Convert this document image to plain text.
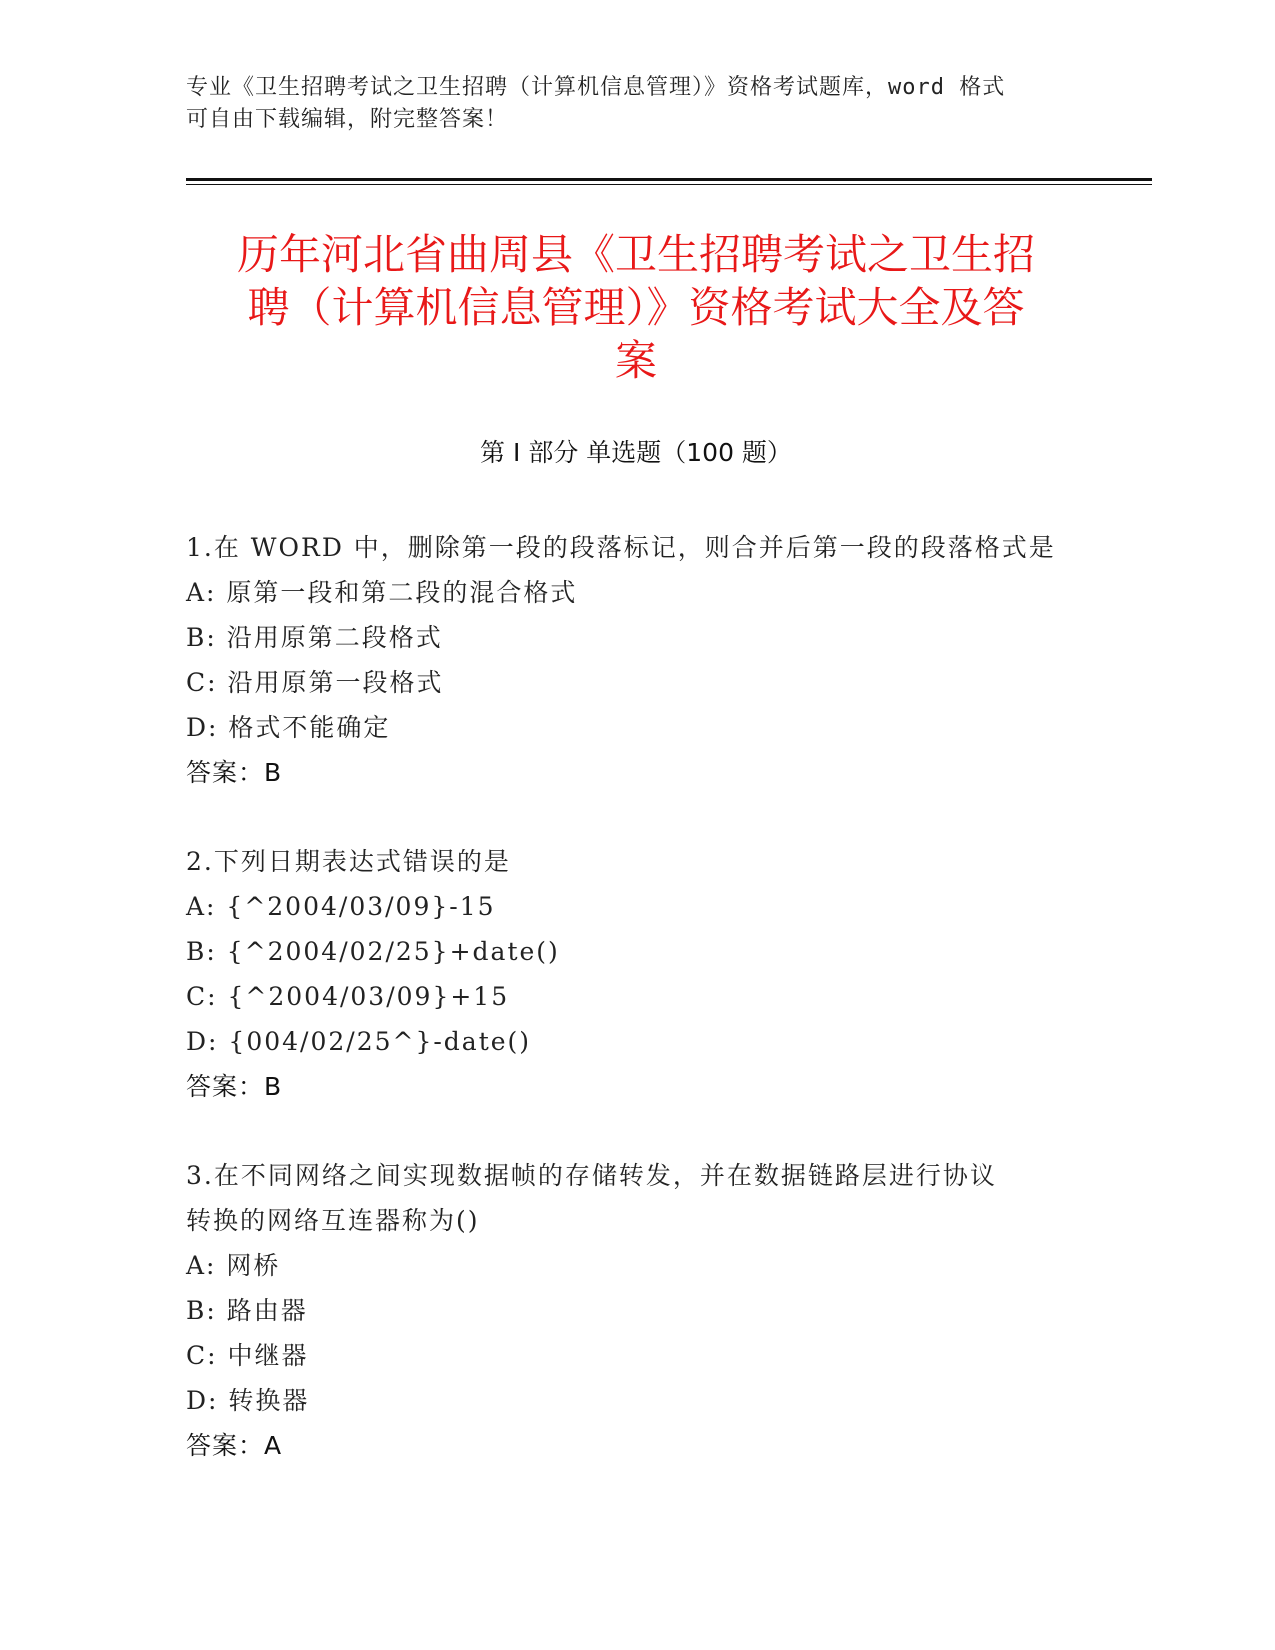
专业《卫生招聘考试之卫生招聘（计算机信息管理）》资格考试题库，word 格式
可自由下载编辑，附完整答案！
历年河北省曲周县《卫生招聘考试之卫生招
聘（计算机信息管理）》资格考试大全及答
案
第 I 部分 单选题（100 题）
1.在 WORD 中，删除第一段的段落标记，则合并后第一段的段落格式是
A: 原第一段和第二段的混合格式
B: 沿用原第二段格式
C: 沿用原第一段格式
D: 格式不能确定
答案：B
2.下列日期表达式错误的是
A: {^2004/03/09}-15
B: {^2004/02/25}+date()
C: {^2004/03/09}+15
D: {004/02/25^}-date()
答案：B
3.在不同网络之间实现数据帧的存储转发，并在数据链路层进行协议
转换的网络互连器称为()
A: 网桥
B: 路由器
C: 中继器
D: 转换器
答案：A
